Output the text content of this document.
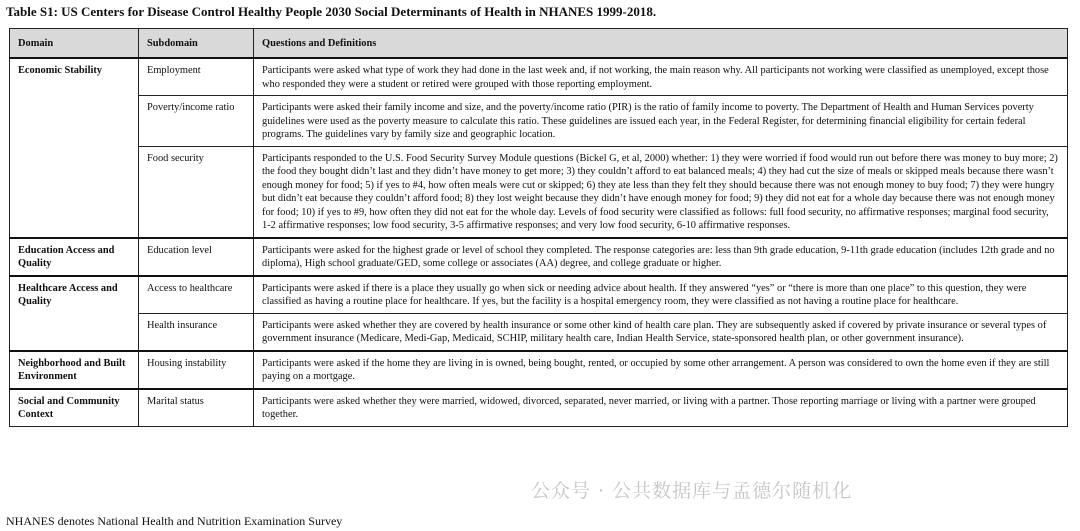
Table S1: US Centers for Disease Control Healthy People 2030 Social Determinants of Health in NHANES 1999-2018.
Domain	Subdomain	Questions and Definitions
Economic Stability	Employment	Participants were asked what type of work they had done in the last week and, if not working, the main reason why. All participants not working were classified as unemployed, except those who responded they were a student or retired were grouped with those reporting employment.
	Poverty/income ratio	Participants were asked their family income and size, and the poverty/income ratio (PIR) is the ratio of family income to poverty. The Department of Health and Human Services poverty guidelines were used as the poverty measure to calculate this ratio. These guidelines are issued each year, in the Federal Register, for determining financial eligibility for certain federal programs. The guidelines vary by family size and geographic location.
	Food security	Participants responded to the U.S. Food Security Survey Module questions (Bickel G, et al, 2000) whether: 1) they were worried if food would run out before there was money to buy more; 2) the food they bought didn’t last and they didn’t have money to get more; 3) they couldn’t afford to eat balanced meals; 4) they had cut the size of meals or skipped meals because there wasn’t enough money for food; 5) if yes to #4, how often meals were cut or skipped; 6) they ate less than they felt they should because there was not enough money to buy food; 7) they were hungry but didn’t eat because they couldn’t afford food; 8) they lost weight because they didn’t have enough money for food; 9) they did not eat for a whole day because there was not enough money for food; 10) if yes to #9, how often they did not eat for the whole day. Levels of food security were classified as follows: full food security, no affirmative responses; marginal food security, 1-2 affirmative responses; low food security, 3-5 affirmative responses; and very low food security, 6-10 affirmative responses.
Education Access and Quality	Education level	Participants were asked for the highest grade or level of school they completed. The response categories are: less than 9th grade education, 9-11th grade education (includes 12th grade and no diploma), High school graduate/GED, some college or associates (AA) degree, and college graduate or higher.
Healthcare Access and Quality	Access to healthcare	Participants were asked if there is a place they usually go when sick or needing advice about health. If they answered “yes” or “there is more than one place” to this question, they were classified as having a routine place for healthcare. If yes, but the facility is a hospital emergency room, they were classified as not having a routine place for healthcare.
	Health insurance	Participants were asked whether they are covered by health insurance or some other kind of health care plan. They are subsequently asked if covered by private insurance or several types of government insurance (Medicare, Medi-Gap, Medicaid, SCHIP, military health care, Indian Health Service, state-sponsored health plan, or other government insurance).
Neighborhood and Built Environment	Housing instability	Participants were asked if the home they are living in is owned, being bought, rented, or occupied by some other arrangement. A person was considered to own the home even if they are still paying on a mortgage.
Social and Community Context	Marital status	Participants were asked whether they were married, widowed, divorced, separated, never married, or living with a partner. Those reporting marriage or living with a partner were grouped together.
NHANES denotes National Health and Nutrition Examination Survey
公众号 · 公共数据库与孟德尔随机化
